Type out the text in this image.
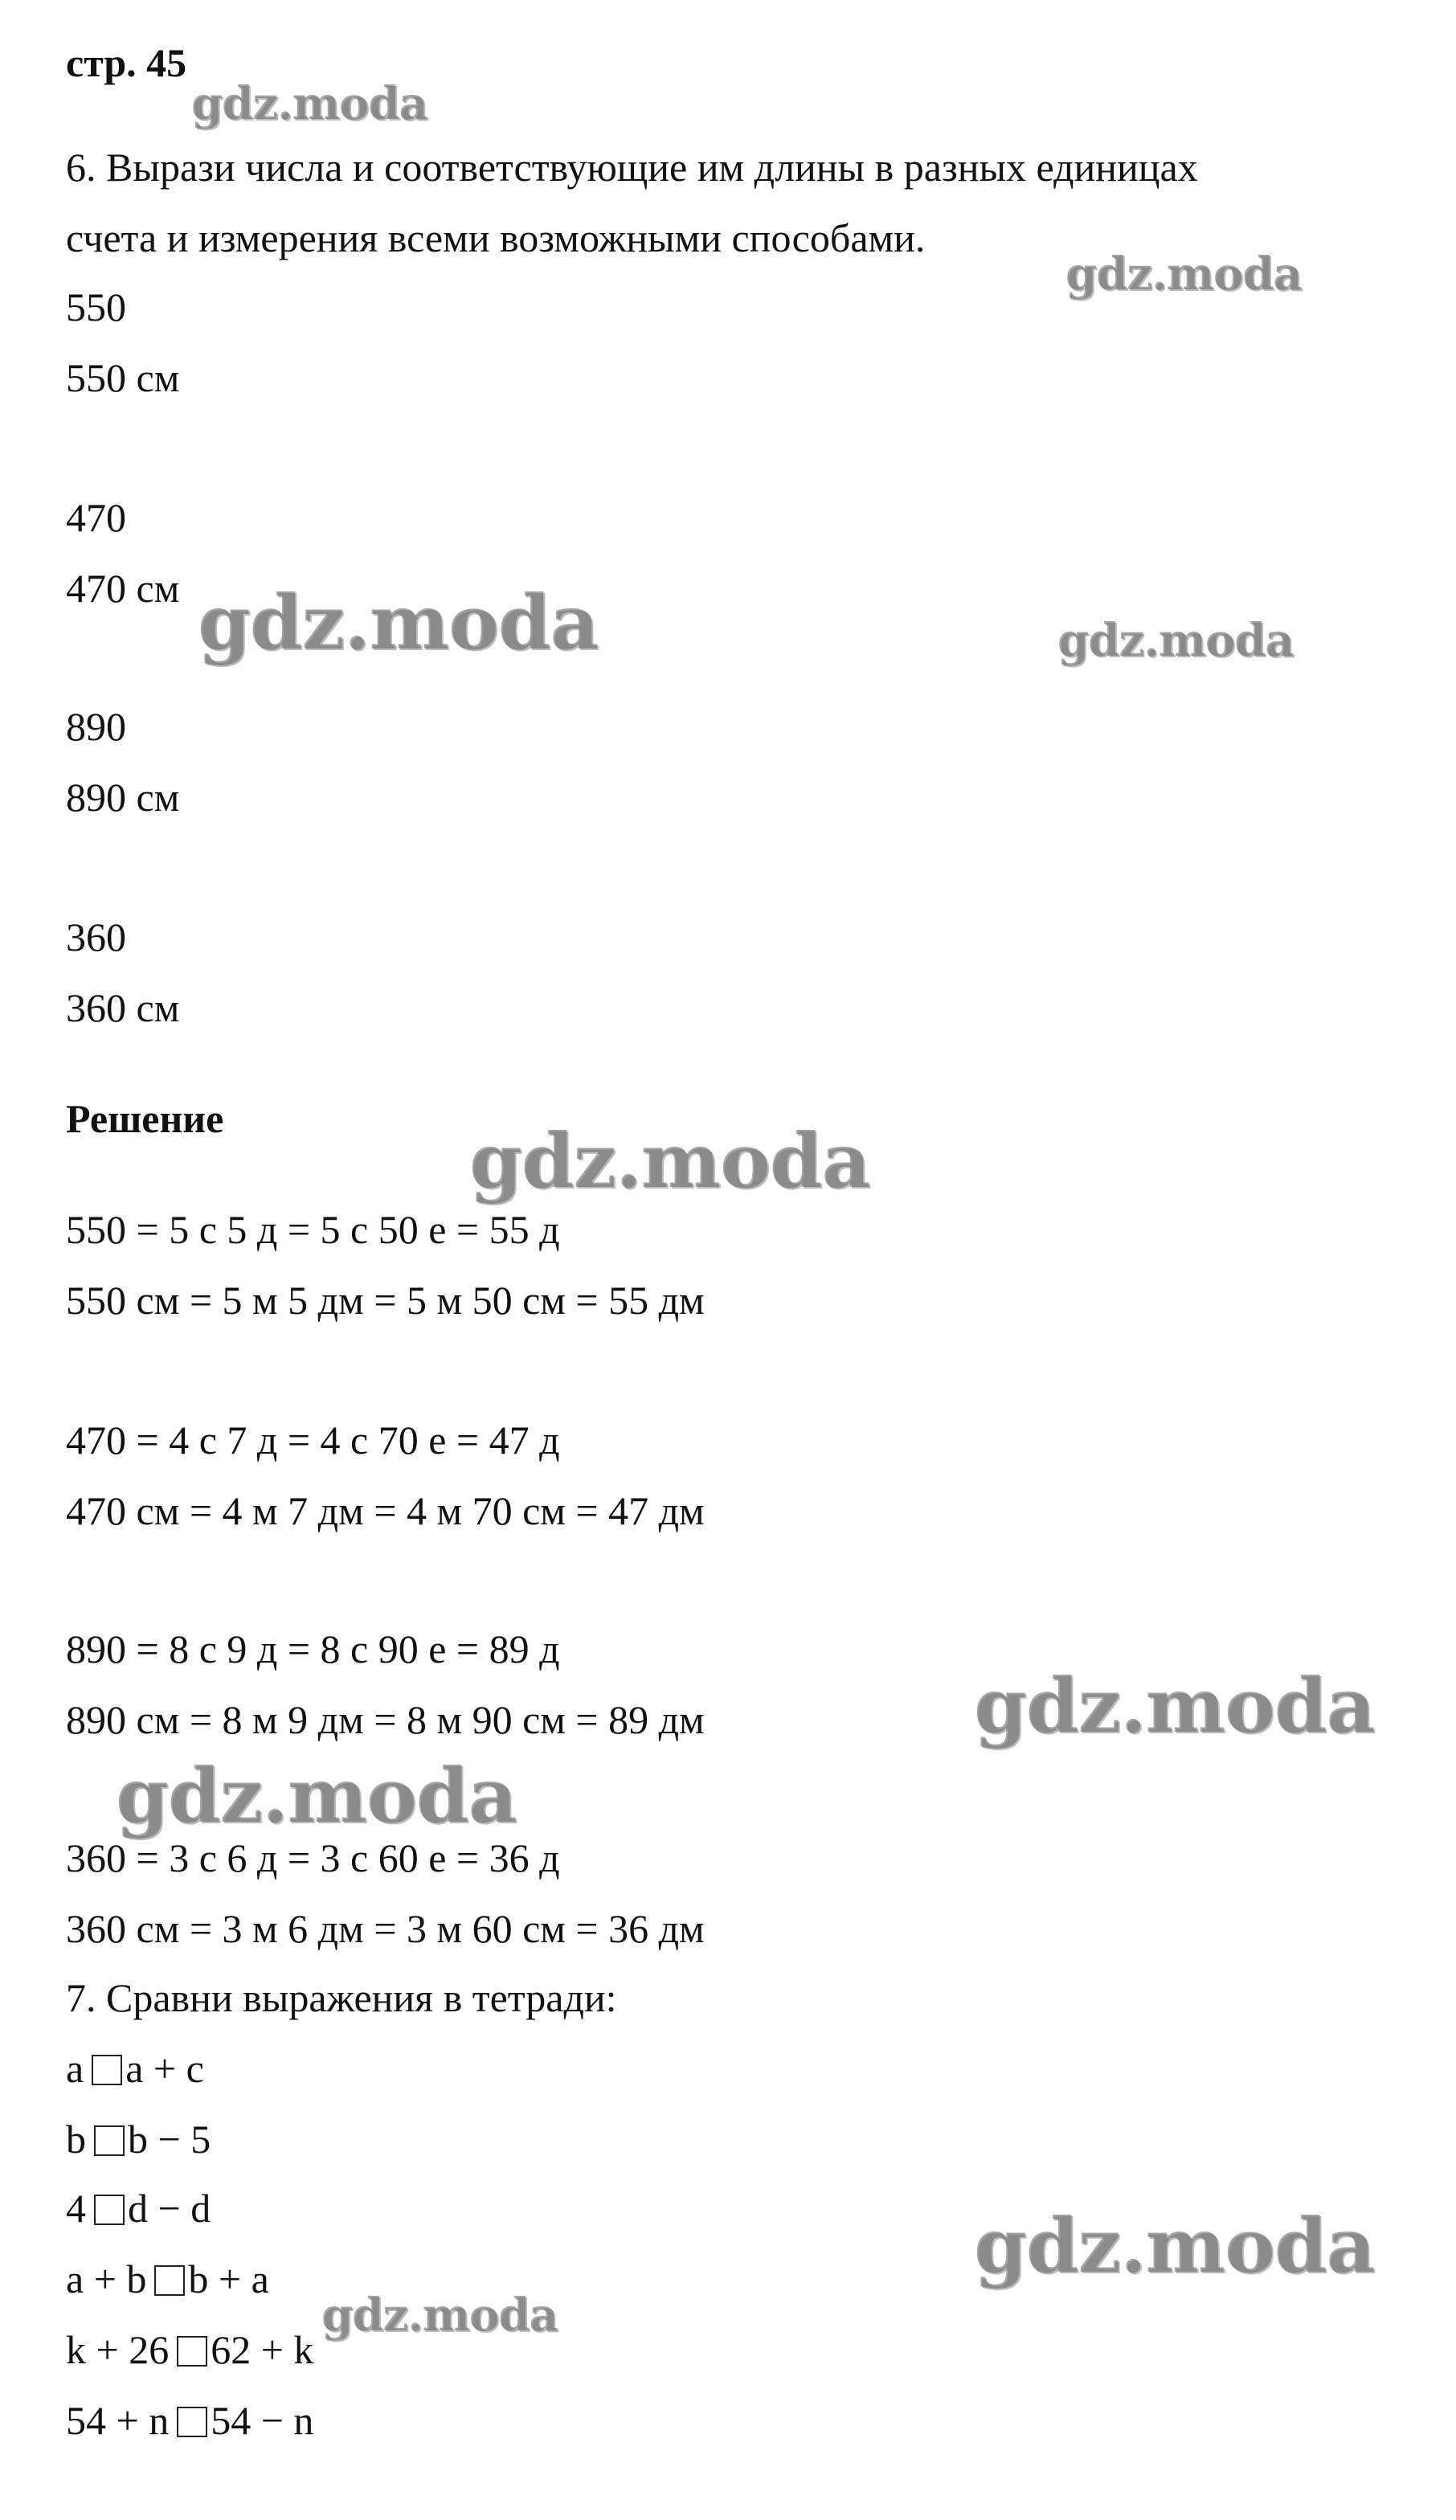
стр. 45

6. Вырази числа и соответствующие им длины в разных единицах

счета и измерения всеми возможными способами.

550

550 см

470

470 см

890

890 см

360

360 см

Решение

550 = 5 с 5 д = 5 с 50 е = 55 д

550 см = 5 м 5 дм = 5 м 50 см = 55 дм

470 = 4 с 7 д = 4 с 70 е = 47 д

470 см = 4 м 7 дм = 4 м 70 см = 47 дм

890 = 8 с 9 д = 8 с 90 е = 89 д

890 см = 8 м 9 дм = 8 м 90 см = 89 дм

360 = 3 с 6 д = 3 с 60 е = 36 д

360 см = 3 м 6 дм = 3 м 60 см = 36 дм

7. Сравни выражения в тетради:

a a + c

b b − 5

4 d − d

a + b b + a

k + 26 62 + k

54 + n 54 − n

gdz.moda
gdz.moda
gdz.moda	gdz.moda
gdz.moda
gdz.moda
gdz.moda
gdz.moda
gdz.moda
